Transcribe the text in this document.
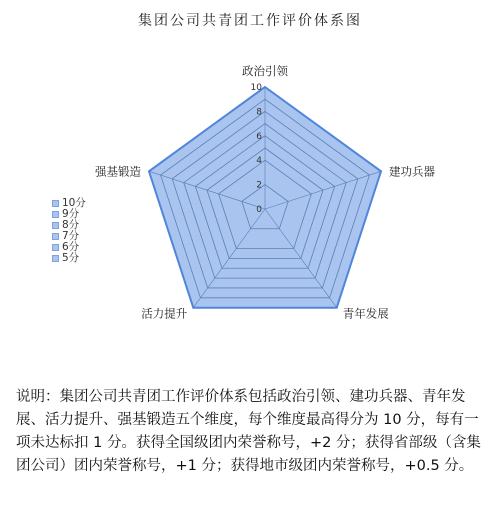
集团公司共青团工作评价体系图
0
2
4
6
8
10
政治引领
建功兵器
青年发展
活力提升
强基锻造
10分
9分
8分
7分
6分
5分
说明：集团公司共青团工作评价体系包括政治引领、建功兵器、青年发展、活力提升、强基锻造五个维度，每个维度最高得分为 10 分，每有一项未达标扣 1 分。获得全国级团内荣誉称号，+2 分；获得省部级（含集团公司）团内荣誉称号，+1 分；获得地市级团内荣誉称号，+0.5 分。
